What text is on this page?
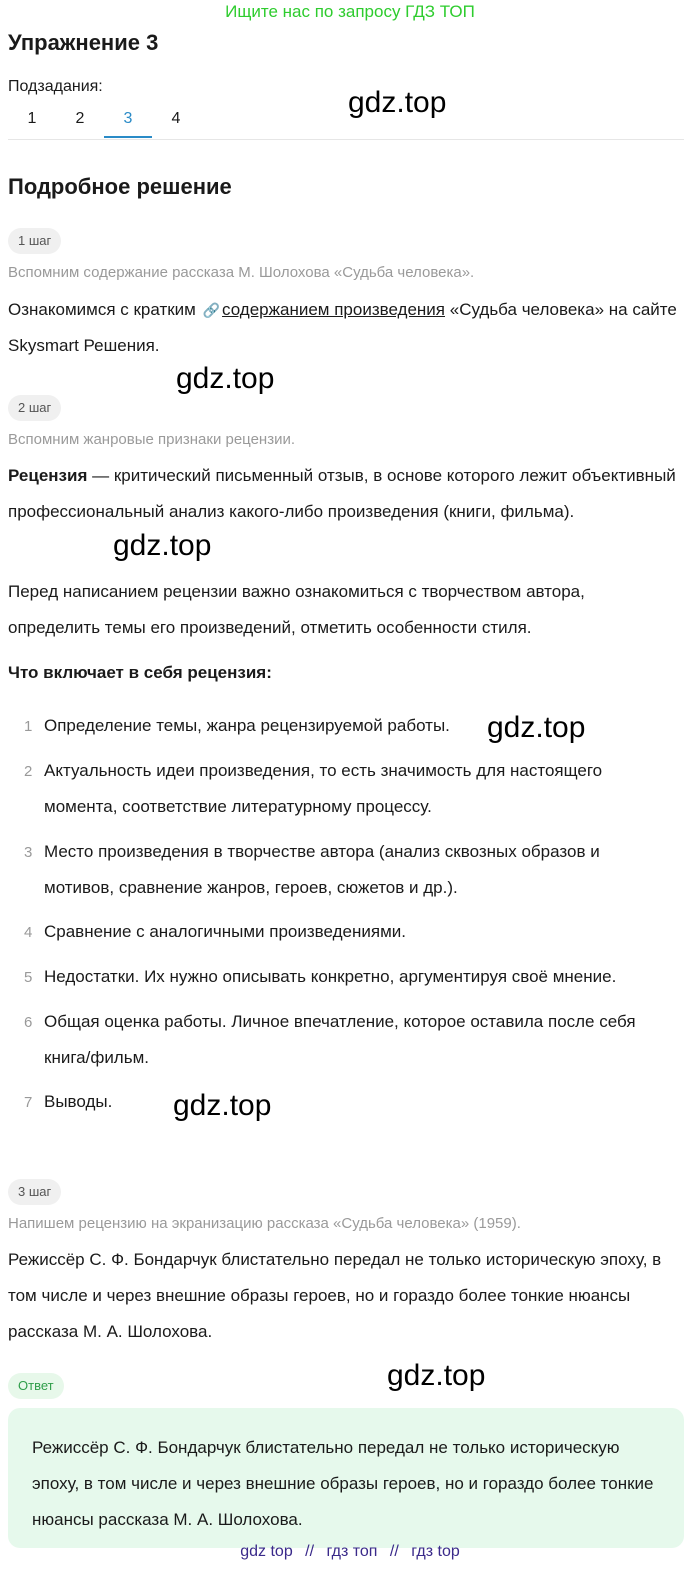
Ищите нас по запросу ГДЗ ТОП
Упражнение 3
Подзадания:
1	2	3	4	gdz.top
Подробное решение
1 шаг
Вспомним содержание рассказа М. Шолохова «Судьба человека».
Ознакомимся с кратким 🔗 содержанием произведения «Судьба человека» на сайте Skysmart Решения.
gdz.top
2 шаг
Вспомним жанровые признаки рецензии.
Рецензия — критический письменный отзыв, в основе которого лежит объективный профессиональный анализ какого-либо произведения (книги, фильма).
gdz.top
Перед написанием рецензии важно ознакомиться с творчеством автора, определить темы его произведений, отметить особенности стиля.
Что включает в себя рецензия:
1 Определение темы, жанра рецензируемой работы.
2 Актуальность идеи произведения, то есть значимость для настоящего момента, соответствие литературному процессу.
3 Место произведения в творчестве автора (анализ сквозных образов и мотивов, сравнение жанров, героев, сюжетов и др.).
4 Сравнение с аналогичными произведениями.
5 Недостатки. Их нужно описывать конкретно, аргументируя своё мнение.
6 Общая оценка работы. Личное впечатление, которое оставила после себя книга/фильм.
7 Выводы.
gdz.top
gdz.top
3 шаг
Напишем рецензию на экранизацию рассказа «Судьба человека» (1959).
Режиссёр С. Ф. Бондарчук блистательно передал не только историческую эпоху, в том числе и через внешние образы героев, но и гораздо более тонкие нюансы рассказа М. А. Шолохова.
gdz.top
Ответ
Режиссёр С. Ф. Бондарчук блистательно передал не только историческую эпоху, в том числе и через внешние образы героев, но и гораздо более тонкие нюансы рассказа М. А. Шолохова.
gdz top // гдз топ // гдз top
